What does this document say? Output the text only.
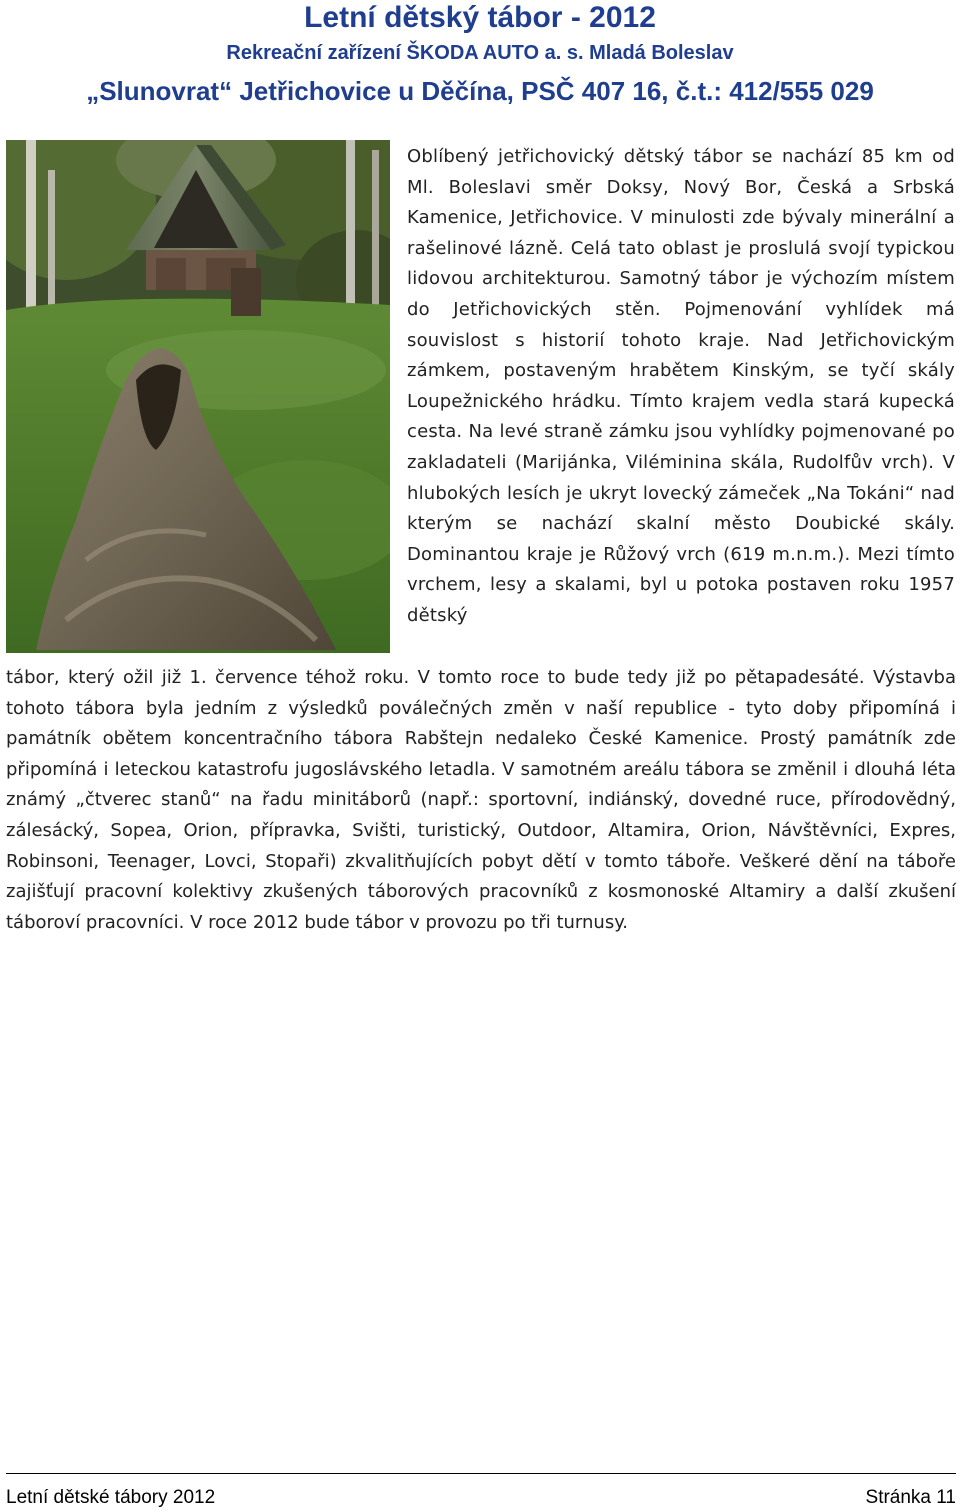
Letní dětský tábor - 2012
Rekreační zařízení ŠKODA AUTO a. s. Mladá Boleslav
„Slunovrat“ Jetřichovice u Děčína, PSČ 407 16, č.t.: 412/555 029

Oblíbený jetřichovický dětský tábor se nachází 85 km od Ml. Boleslavi směr Doksy, Nový Bor, Česká a Srbská Kamenice, Jetřichovice. V minulosti zde bývaly minerální a rašelinové lázně. Celá tato oblast je proslulá svojí typickou lidovou architekturou. Samotný tábor je výchozím místem do Jetřichovických stěn. Pojmenování vyhlídek má souvislost s historií tohoto kraje. Nad Jetřichovickým zámkem, postaveným hrabětem Kinským, se tyčí skály Loupežnického hrádku. Tímto krajem vedla stará kupecká cesta. Na levé straně zámku jsou vyhlídky pojmenované po zakladateli (Marijánka, Viléminina skála, Rudolfův vrch). V hlubokých lesích je ukryt lovecký zámeček „Na Tokáni“ nad kterým se nachází skalní město Doubické skály. Dominantou kraje je Růžový vrch (619 m.n.m.). Mezi tímto vrchem, lesy a skalami, byl u potoka postaven roku 1957 dětský

tábor, který ožil již 1. července téhož roku. V tomto roce to bude tedy již po pětapadesáté. Výstavba tohoto tábora byla jedním z výsledků poválečných změn v naší republice - tyto doby připomíná i památník obětem koncentračního tábora Rabštejn nedaleko České Kamenice. Prostý památník zde připomíná i leteckou katastrofu jugoslávského letadla. V samotném areálu tábora se změnil i dlouhá léta známý „čtverec stanů“ na řadu minitáborů (např.: sportovní, indiánský, dovedné ruce, přírodovědný, zálesácký, Sopea, Orion, přípravka, Svišti, turistický, Outdoor, Altamira, Orion, Návštěvníci, Expres, Robinsoni, Teenager, Lovci, Stopaři) zkvalitňujících pobyt dětí v tomto táboře. Veškeré dění na táboře zajišťují pracovní kolektivy zkušených táborových pracovníků z kosmonoské Altamiry a další zkušení táboroví pracovníci. V roce 2012 bude tábor v provozu po tři turnusy.

Letní dětské tábory 2012	Stránka 11
